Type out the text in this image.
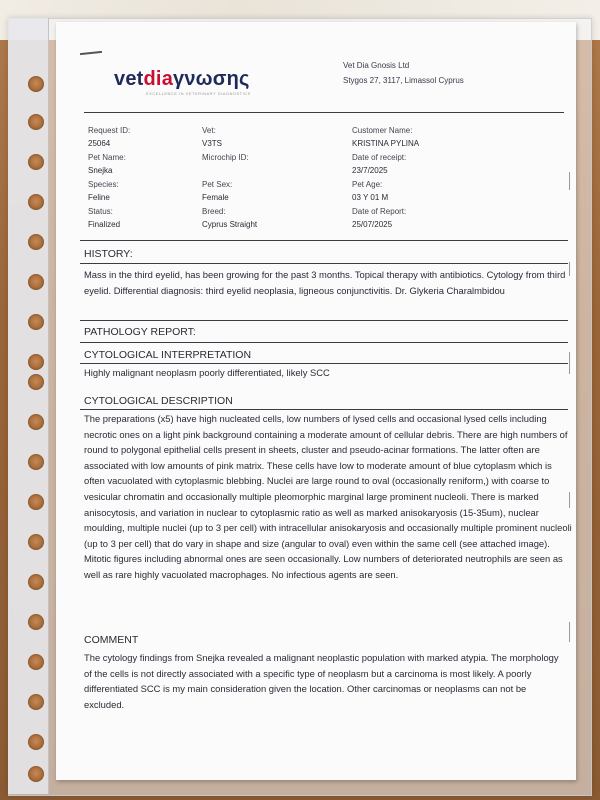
vetdiaγνωσης
EXCELLENCE IN VETERINARY DIAGNOSTICS
Vet Dia Gnosis Ltd
Stygos 27, 3117, Limassol Cyprus
Request ID:
25064
Pet Name:
Snejka
Species:
Feline
Status:
Finalized
Vet:
V3TS
Microchip ID:
Pet Sex:
Female
Breed:
Cyprus Straight
Customer Name:
KRISTINA PYLINA
Date of receipt:
23/7/2025
Pet Age:
03 Y 01 M
Date of Report:
25/07/2025
HISTORY:
Mass in the third eyelid, has been growing for the past 3 months. Topical therapy with antibiotics. Cytology from third eyelid. Differential diagnosis: third eyelid neoplasia, ligneous conjunctivitis. Dr. Glykeria Charalmbidou
PATHOLOGY REPORT:
CYTOLOGICAL INTERPRETATION
Highly malignant neoplasm poorly differentiated, likely SCC
CYTOLOGICAL DESCRIPTION
The preparations (x5) have high nucleated cells, low numbers of lysed cells and occasional lysed cells including necrotic ones on a light pink background containing a moderate amount of cellular debris. There are high numbers of round to polygonal epithelial cells present in sheets, cluster and pseudo-acinar formations. The latter often are associated with low amounts of pink matrix. These cells have low to moderate amount of blue cytoplasm which is often vacuolated with cytoplasmic blebbing. Nuclei are large round to oval (occasionally reniform,) with coarse to vesicular chromatin and occasionally multiple pleomorphic marginal large prominent nucleoli. There is marked anisocytosis, and variation in nuclear to cytoplasmic ratio as well as marked anisokaryosis (15-35um), nuclear moulding, multiple nuclei (up to 3 per cell) with intracellular anisokaryosis and occasionally multiple prominent nucleoli (up to 3 per cell) that do vary in shape and size (angular to oval) even within the same cell (see attached image). Mitotic figures including abnormal ones are seen occasionally. Low numbers of deteriorated neutrophils are seen as well as rare highly vacuolated macrophages. No infectious agents are seen.
COMMENT
The cytology findings from Snejka revealed a malignant neoplastic population with marked atypia. The morphology of the cells is not directly associated with a specific type of neoplasm but a carcinoma is most likely. A poorly differentiated SCC is my main consideration given the location. Other carcinomas or neoplasms can not be excluded.
